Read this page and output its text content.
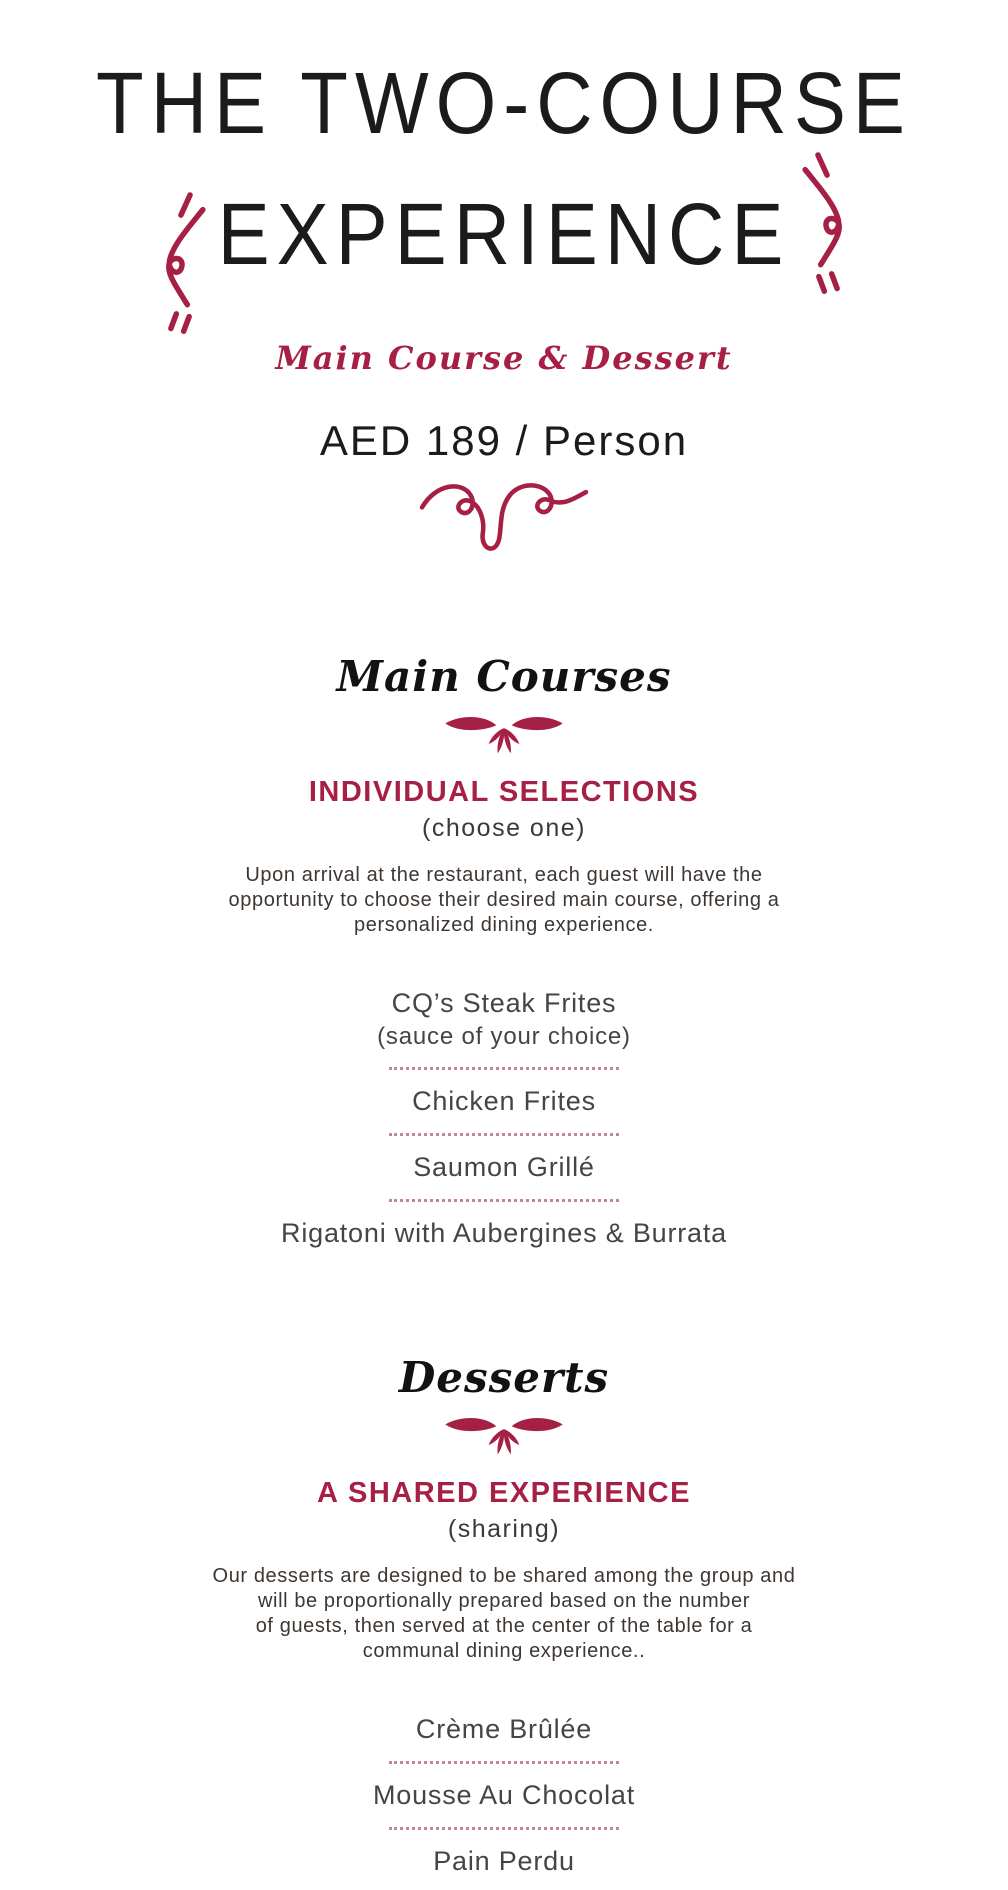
THE TWO-COURSE
EXPERIENCE
Main Course & Dessert
AED 189 / Person
Main Courses
INDIVIDUAL SELECTIONS
(choose one)
Upon arrival at the restaurant, each guest will have the
opportunity to choose their desired main course, offering a
personalized dining experience.
CQ’s Steak Frites
(sauce of your choice)
Chicken Frites
Saumon Grillé
Rigatoni with Aubergines & Burrata
Desserts
A SHARED EXPERIENCE
(sharing)
Our desserts are designed to be shared among the group and
will be proportionally prepared based on the number
of guests, then served at the center of the table for a
communal dining experience..
Crème Brûlée
Mousse Au Chocolat
Pain Perdu
